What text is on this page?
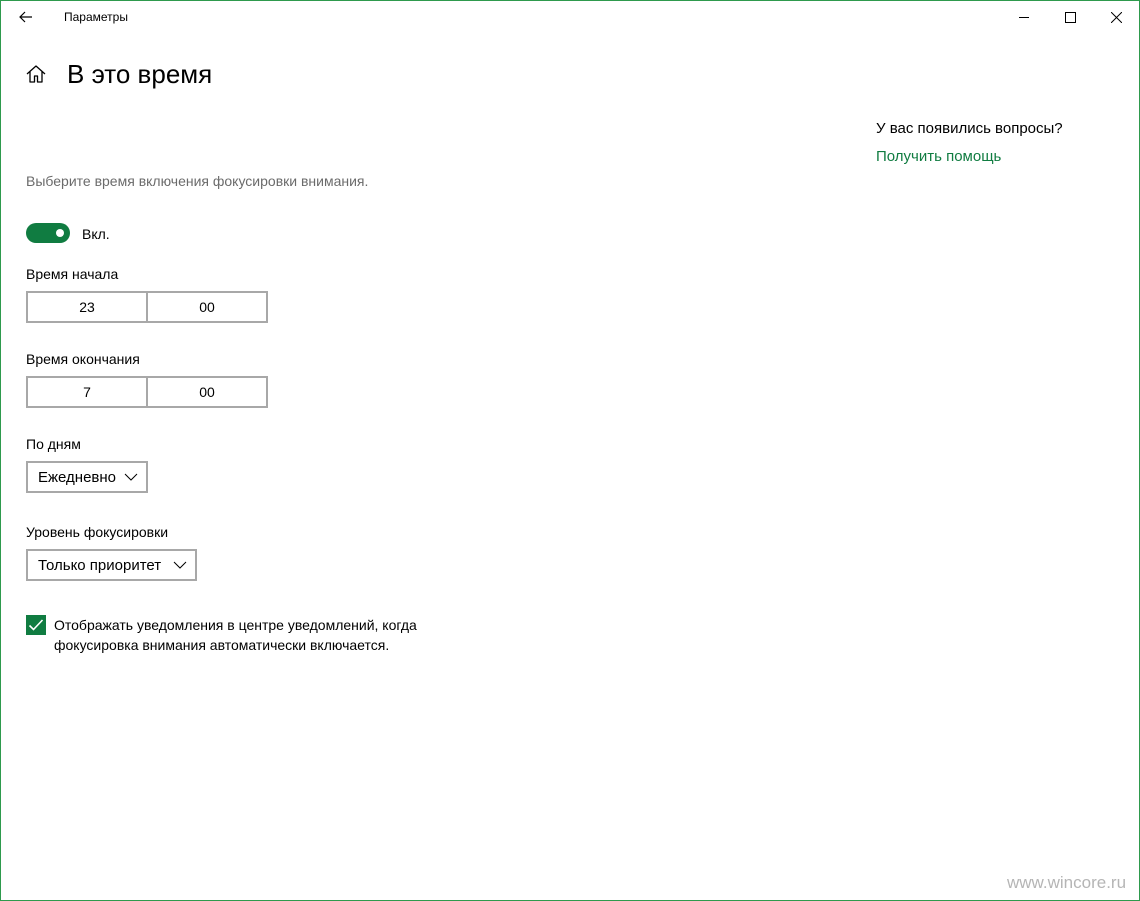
Параметры
В это время
У вас появились вопросы?
Получить помощь
Выберите время включения фокусировки внимания.
Вкл.
Время начала
23	00
Время окончания
7	00
По дням
Ежедневно
Уровень фокусировки
Только приоритет
Отображать уведомления в центре уведомлений, когда фокусировка внимания автоматически включается.
www.wincore.ru
